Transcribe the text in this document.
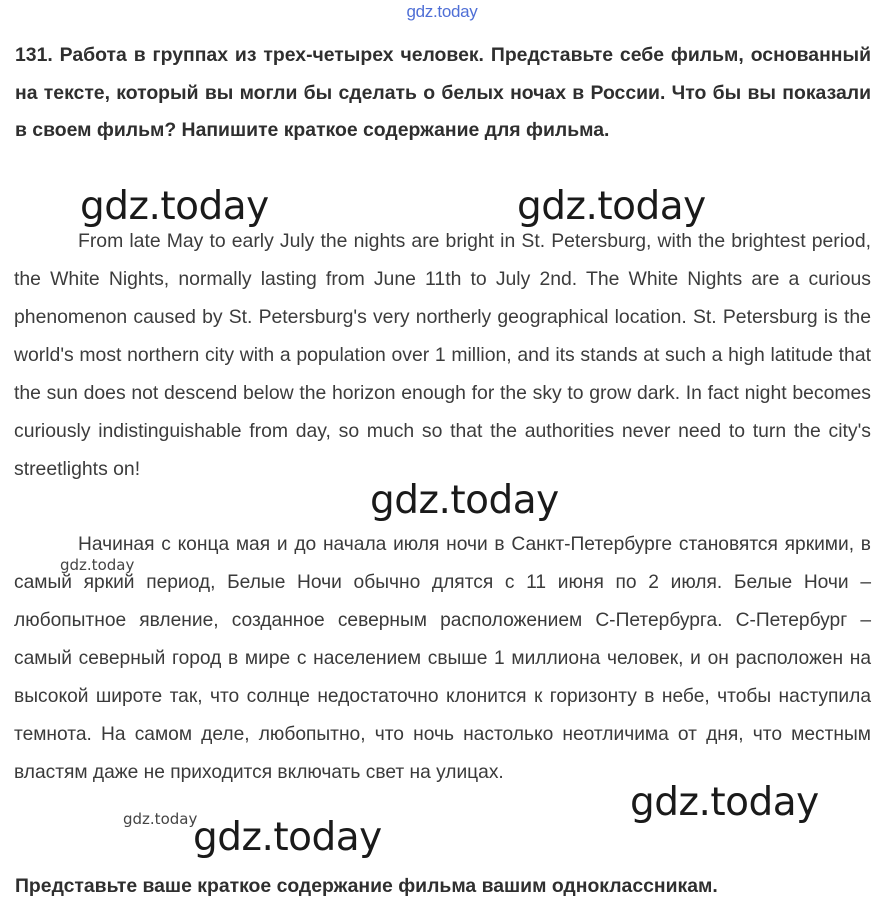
gdz.today
131. Работа в группах из трех-четырех человек. Представьте себе фильм, основанный на тексте, который вы могли бы сделать о белых ночах в России. Что бы вы показали в своем фильм? Напишите краткое содержание для фильма.
From late May to early July the nights are bright in St. Petersburg, with the brightest period, the White Nights, normally lasting from June 11th to July 2nd. The White Nights are a curious phenomenon caused by St. Petersburg's very northerly geographical location. St. Petersburg is the world's most northern city with a population over 1 million, and its stands at such a high latitude that the sun does not descend below the horizon enough for the sky to grow dark. In fact night becomes curiously indistinguishable from day, so much so that the authorities never need to turn the city's streetlights on!
Начиная с конца мая и до начала июля ночи в Санкт-Петербурге становятся яркими, в самый яркий период, Белые Ночи обычно длятся с 11 июня по 2 июля. Белые Ночи – любопытное явление, созданное северным расположением С-Петербурга. С-Петербург – самый северный город в мире с населением свыше 1 миллиона человек, и он расположен на высокой широте так, что солнце недостаточно клонится к горизонту в небе, чтобы наступила темнота. На самом деле, любопытно, что ночь настолько неотличима от дня, что местным властям даже не приходится включать свет на улицах.
Представьте ваше краткое содержание фильма вашим одноклассникам.
gdz.today	gdz.today
gdz.today
gdz.today
gdz.today	gdz.today
gdz.today
